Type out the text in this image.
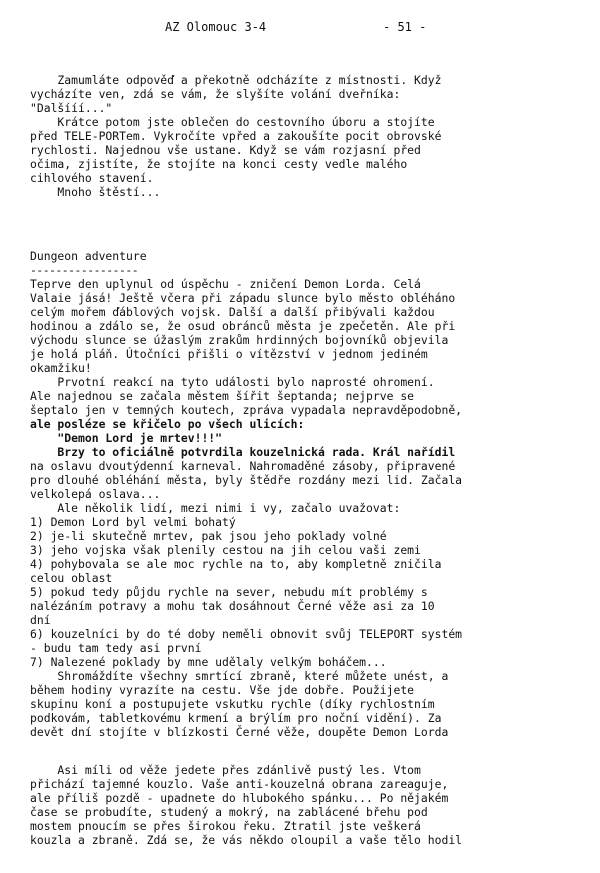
AZ Olomouc 3-4	- 51 -
Zamumláte odpověď a překotně odcházíte z místnosti. Když
vycházíte ven, zdá se vám, že slyšíte volání dveřníka:
"Dalšííí..."
Krátce potom jste oblečen do cestovního úboru a stojíte
před TELE-PORTem. Vykročíte vpřed a zakoušíte pocit obrovské
rychlosti. Najednou vše ustane. Když se vám rozjasní před
očima, zjistíte, že stojíte na konci cesty vedle malého
cihlového stavení.
Mnoho štěstí...
Dungeon adventure
-----------------
Teprve den uplynul od úspěchu - zničení Demon Lorda. Celá
Valaie jásá! Ještě včera při západu slunce bylo město obléháno
celým mořem ďáblových vojsk. Další a další přibývali každou
hodinou a zdálo se, že osud obránců města je zpečetěn. Ale při
východu slunce se úžaslým zrakům hrdinných bojovníků objevila
je holá pláň. Útočníci přišli o vítězství v jednom jediném
okamžiku!
Prvotní reakcí na tyto události bylo naprosté ohromení.
Ale najednou se začala městem šířit šeptanda; nejprve se
šeptalo jen v temných koutech, zpráva vypadala nepravděpodobně,
ale posléze se křičelo po všech ulicích:
"Demon Lord je mrtev!!!"
Brzy to oficiálně potvrdila kouzelnická rada. Král nařídil
na oslavu dvoutýdenní karneval. Nahromaděné zásoby, připravené
pro dlouhé obléhání města, byly štědře rozdány mezi lid. Začala
velkolepá oslava...
Ale několik lidí, mezi nimi i vy, začalo uvažovat:
1) Demon Lord byl velmi bohatý
2) je-li skutečně mrtev, pak jsou jeho poklady volné
3) jeho vojska však plenily cestou na jih celou vaši zemi
4) pohybovala se ale moc rychle na to, aby kompletně zničila
celou oblast
5) pokud tedy půjdu rychle na sever, nebudu mít problémy s
nalézáním potravy a mohu tak dosáhnout Černé věže asi za 10
dní
6) kouzelníci by do té doby neměli obnovit svůj TELEPORT systém
- budu tam tedy asi první
7) Nalezené poklady by mne udělaly velkým boháčem...
Shromáždíte všechny smrtící zbraně, které můžete unést, a
během hodiny vyrazíte na cestu. Vše jde dobře. Použijete
skupinu koní a postupujete vskutku rychle (díky rychlostním
podkovám, tabletkovému krmení a brýlím pro noční vidění). Za
devět dní stojíte v blízkosti Černé věže, doupěte Demon Lorda
Asi míli od věže jedete přes zdánlivě pustý les. Vtom
přichází tajemné kouzlo. Vaše anti-kouzelná obrana zareaguje,
ale příliš pozdě - upadnete do hlubokého spánku... Po nějakém
čase se probudíte, studený a mokrý, na zablácené břehu pod
mostem pnoucím se přes širokou řeku. Ztratil jste veškerá
kouzla a zbraně. Zdá se, že vás někdo oloupil a vaše tělo hodil
